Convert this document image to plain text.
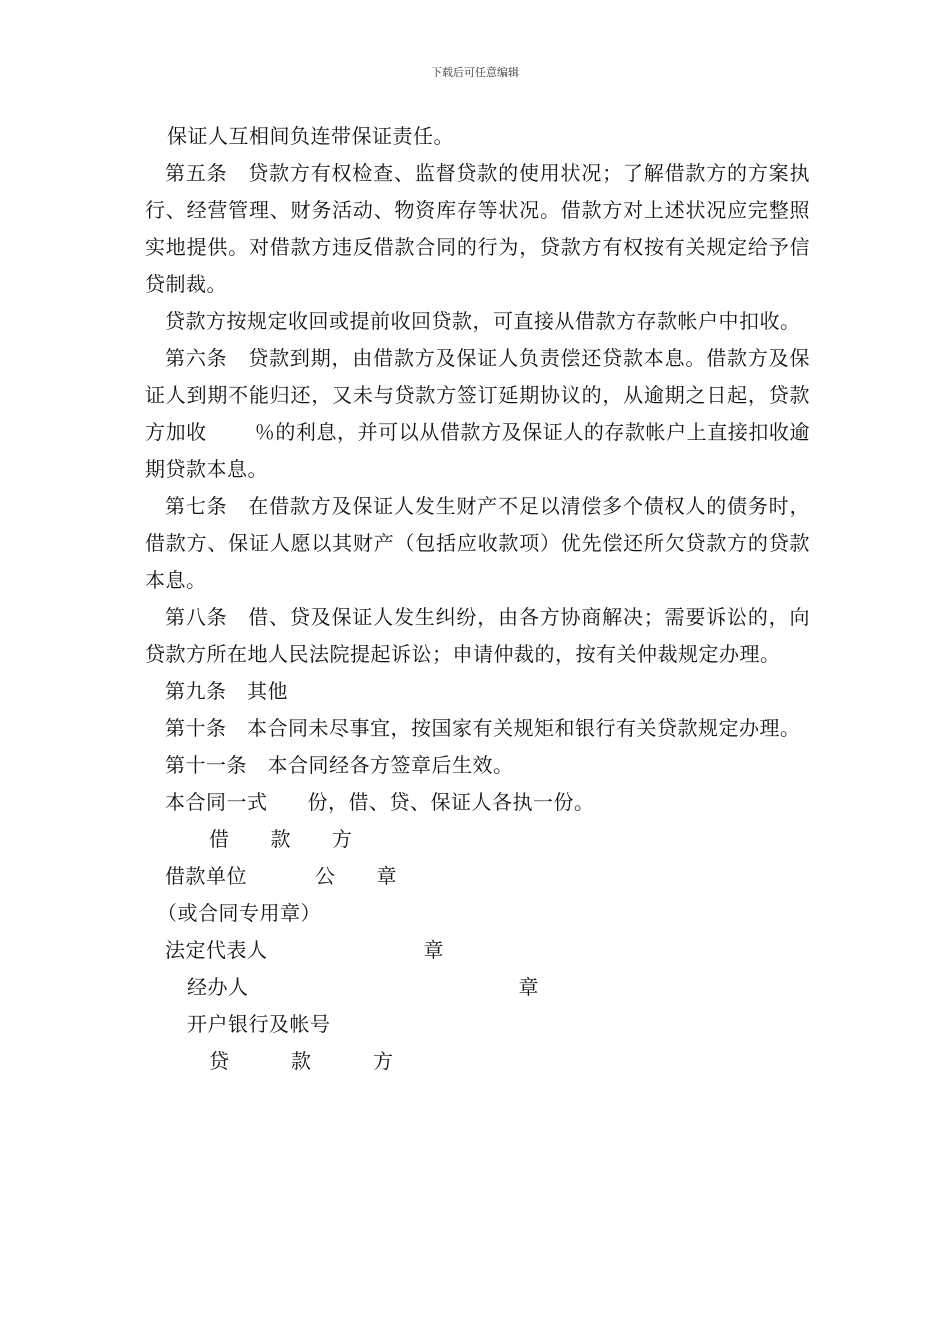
下载后可任意编辑

保证人互相间负连带保证责任。

第五条　贷款方有权检查、监督贷款的使用状况；了解借款方的方案执行、经营管理、财务活动、物资库存等状况。借款方对上述状况应完整照实地提供。对借款方违反借款合同的行为，贷款方有权按有关规定给予信贷制裁。

贷款方按规定收回或提前收回贷款，可直接从借款方存款帐户中扣收。

第六条　贷款到期，由借款方及保证人负责偿还贷款本息。借款方及保证人到期不能归还，又未与贷款方签订延期协议的，从逾期之日起，贷款方加收 ％的利息，并可以从借款方及保证人的存款帐户上直接扣收逾期贷款本息。

第七条　在借款方及保证人发生财产不足以清偿多个债权人的债务时，借款方、保证人愿以其财产（包括应收款项）优先偿还所欠贷款方的贷款本息。

第八条　借、贷及保证人发生纠纷，由各方协商解决；需要诉讼的，向贷款方所在地人民法院提起诉讼；申请仲裁的，按有关仲裁规定办理。

第九条　其他

第十条　本合同未尽事宜，按国家有关规矩和银行有关贷款规定办理。

第十一条　本合同经各方签章后生效。

本合同一式 份，借、贷、保证人各执一份。

借　　款　　方
借款单位	公　　章
（或合同专用章）
法定代表人	章
经办人	章
开户银行及帐号
贷　　　款　　　方
